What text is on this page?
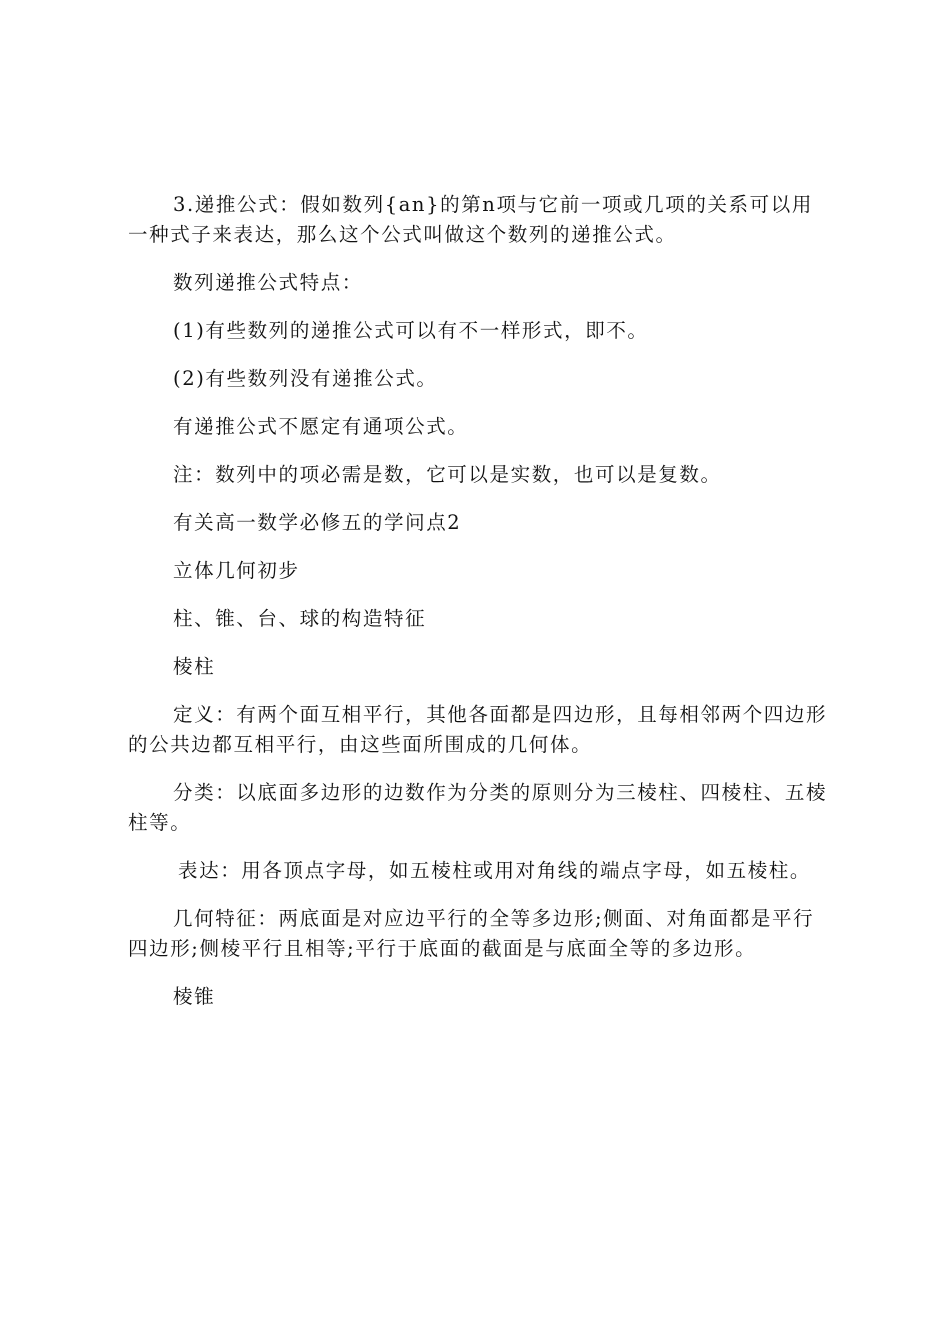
3.递推公式：假如数列{an}的第n项与它前一项或几项的关系可以用一种式子来表达，那么这个公式叫做这个数列的递推公式。

数列递推公式特点：

(1)有些数列的递推公式可以有不一样形式，即不。

(2)有些数列没有递推公式。

有递推公式不愿定有通项公式。

注：数列中的项必需是数，它可以是实数，也可以是复数。

有关高一数学必修五的学问点2

立体几何初步

柱、锥、台、球的构造特征

棱柱

定义：有两个面互相平行，其他各面都是四边形，且每相邻两个四边形的公共边都互相平行，由这些面所围成的几何体。

分类：以底面多边形的边数作为分类的原则分为三棱柱、四棱柱、五棱柱等。

表达：用各顶点字母，如五棱柱或用对角线的端点字母，如五棱柱。

几何特征：两底面是对应边平行的全等多边形;侧面、对角面都是平行四边形;侧棱平行且相等;平行于底面的截面是与底面全等的多边形。

棱锥
